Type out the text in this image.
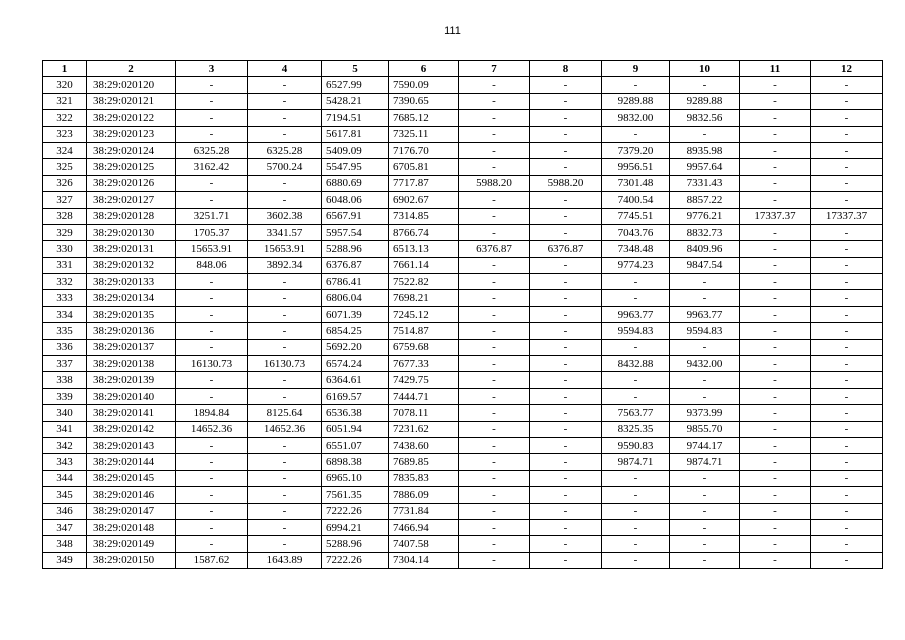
111
1	2	3	4	5	6	7	8	9	10	11	12
320	38:29:020120	-	-	6527.99	7590.09	-	-	-	-	-	-
321	38:29:020121	-	-	5428.21	7390.65	-	-	9289.88	9289.88	-	-
322	38:29:020122	-	-	7194.51	7685.12	-	-	9832.00	9832.56	-	-
323	38:29:020123	-	-	5617.81	7325.11	-	-	-	-	-	-
324	38:29:020124	6325.28	6325.28	5409.09	7176.70	-	-	7379.20	8935.98	-	-
325	38:29:020125	3162.42	5700.24	5547.95	6705.81	-	-	9956.51	9957.64	-	-
326	38:29:020126	-	-	6880.69	7717.87	5988.20	5988.20	7301.48	7331.43	-	-
327	38:29:020127	-	-	6048.06	6902.67	-	-	7400.54	8857.22	-	-
328	38:29:020128	3251.71	3602.38	6567.91	7314.85	-	-	7745.51	9776.21	17337.37	17337.37
329	38:29:020130	1705.37	3341.57	5957.54	8766.74	-	-	7043.76	8832.73	-	-
330	38:29:020131	15653.91	15653.91	5288.96	6513.13	6376.87	6376.87	7348.48	8409.96	-	-
331	38:29:020132	848.06	3892.34	6376.87	7661.14	-	-	9774.23	9847.54	-	-
332	38:29:020133	-	-	6786.41	7522.82	-	-	-	-	-	-
333	38:29:020134	-	-	6806.04	7698.21	-	-	-	-	-	-
334	38:29:020135	-	-	6071.39	7245.12	-	-	9963.77	9963.77	-	-
335	38:29:020136	-	-	6854.25	7514.87	-	-	9594.83	9594.83	-	-
336	38:29:020137	-	-	5692.20	6759.68	-	-	-	-	-	-
337	38:29:020138	16130.73	16130.73	6574.24	7677.33	-	-	8432.88	9432.00	-	-
338	38:29:020139	-	-	6364.61	7429.75	-	-	-	-	-	-
339	38:29:020140	-	-	6169.57	7444.71	-	-	-	-	-	-
340	38:29:020141	1894.84	8125.64	6536.38	7078.11	-	-	7563.77	9373.99	-	-
341	38:29:020142	14652.36	14652.36	6051.94	7231.62	-	-	8325.35	9855.70	-	-
342	38:29:020143	-	-	6551.07	7438.60	-	-	9590.83	9744.17	-	-
343	38:29:020144	-	-	6898.38	7689.85	-	-	9874.71	9874.71	-	-
344	38:29:020145	-	-	6965.10	7835.83	-	-	-	-	-	-
345	38:29:020146	-	-	7561.35	7886.09	-	-	-	-	-	-
346	38:29:020147	-	-	7222.26	7731.84	-	-	-	-	-	-
347	38:29:020148	-	-	6994.21	7466.94	-	-	-	-	-	-
348	38:29:020149	-	-	5288.96	7407.58	-	-	-	-	-	-
349	38:29:020150	1587.62	1643.89	7222.26	7304.14	-	-	-	-	-	-
